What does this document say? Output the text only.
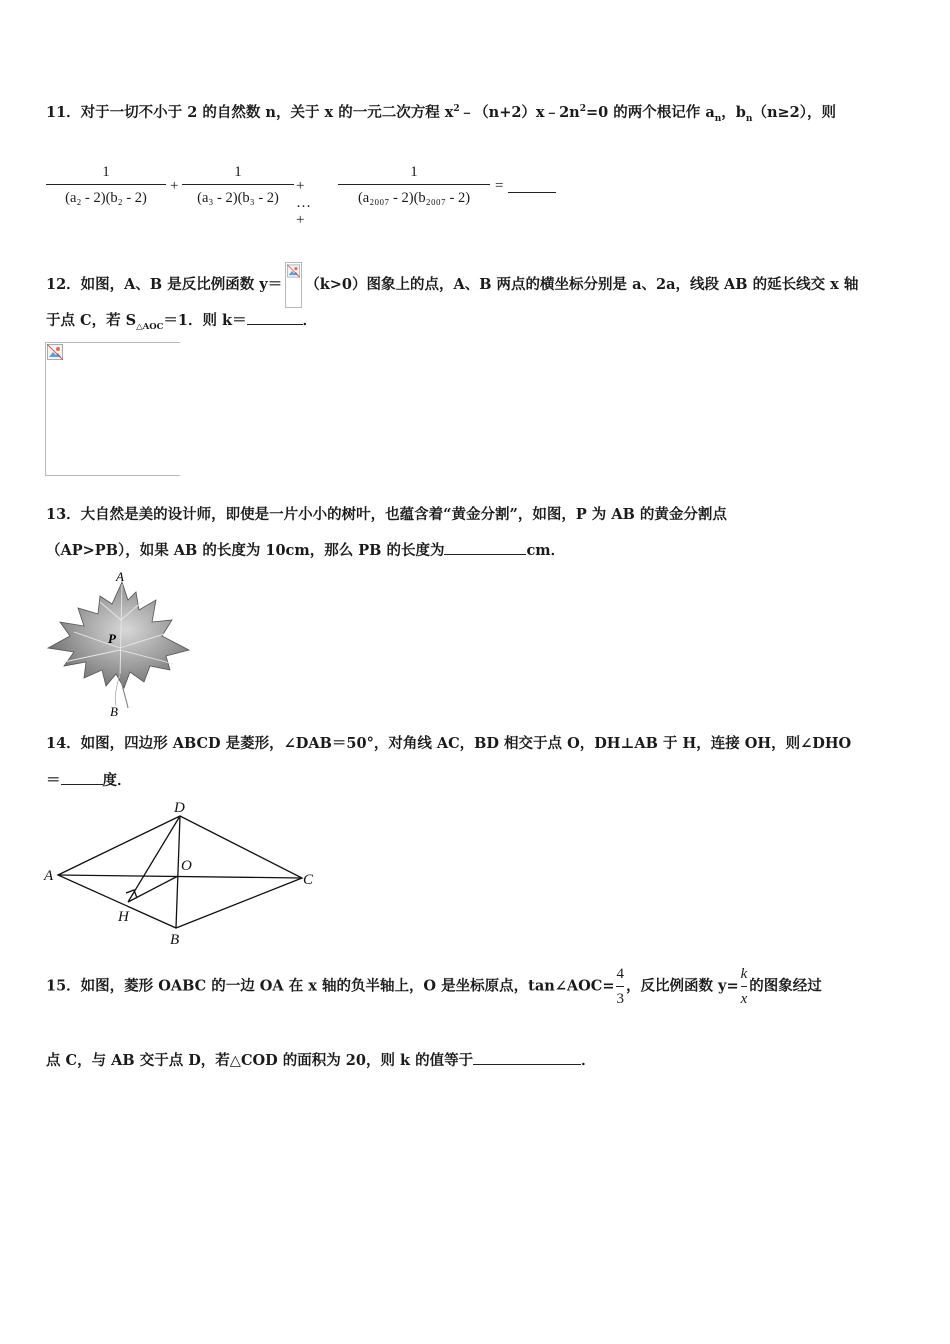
11．对于一切不小于 2 的自然数 n，关于 x 的一元二次方程 $x^2﹣(n+2)x﹣2n^2=0$ 的两个根记作 $a_n$，$b_n(n\ge 2)$，则
1
(a₂ - 2)(b₂ - 2)
+
1
(a₃ - 2)(b₃ - 2)
+ … +
1
(a₂₀₀₇ - 2)(b₂₀₀₇ - 2)
=
12．如图，A、B 是反比例函数 y＝ （k>0）图象上的点，A、B 两点的横坐标分别是 a、2a，线段 AB 的延长线交 x 轴
于点 C，若 $S_{\triangle AOC}=1$．则 k＝	．
13．大自然是美的设计师，即使是一片小小的树叶，也蕴含着“黄金分割”，如图，P 为 AB 的黄金分割点
（AP>PB），如果 AB 的长度为 10cm，那么 PB 的长度为	cm．
A
P
B
14．如图，四边形 ABCD 是菱形，∠DAB＝50°，对角线 AC，BD 相交于点 O，DH⊥AB 于 H，连接 OH，则∠DHO
＝	度．
D
O
A	C
H
B
15．如图，菱形 OABC 的一边 OA 在 x 轴的负半轴上，O 是坐标原点，tan∠AOC= $\frac{4}{3}$ ，反比例函数 $y= \frac{k}{x}$ 的图象经过
点 C，与 AB 交于点 D，若△COD 的面积为 20，则 k 的值等于	．
